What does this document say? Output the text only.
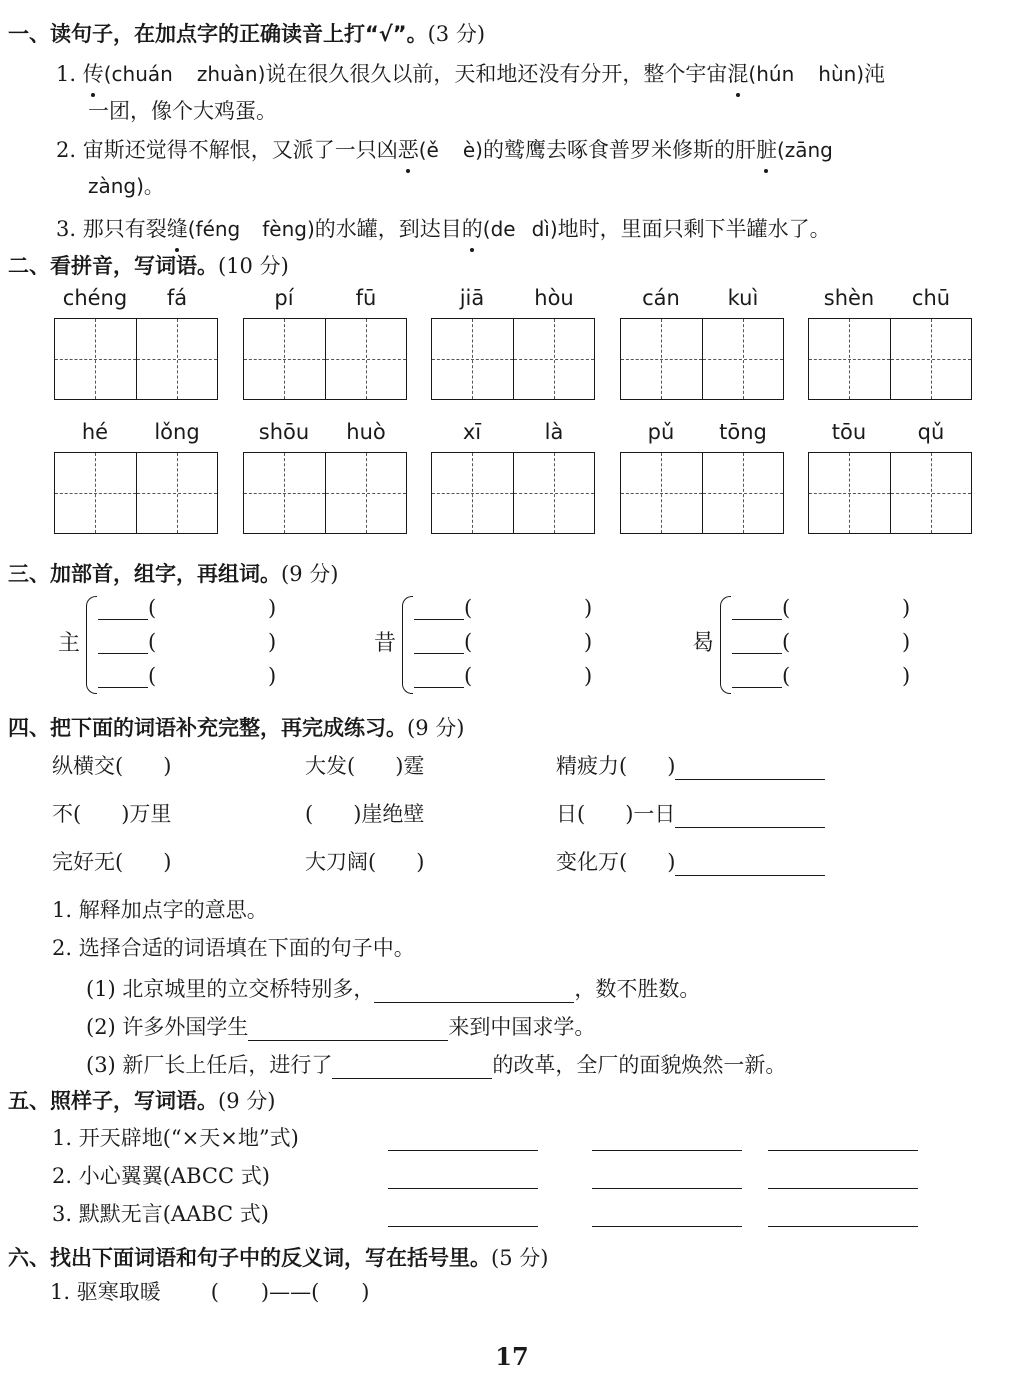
一、读句子，在加点字的正确读音上打“√”。(3 分)
1. 传(chuán zhuàn)说在很久很久以前，天和地还没有分开，整个宇宙混(hún hùn)沌
一团，像个大鸡蛋。
2. 宙斯还觉得不解恨，又派了一只凶恶(ě è)的鹫鹰去啄食普罗米修斯的肝脏(zāng
zàng)。
3. 那只有裂缝(féng fèng)的水罐，到达目的(de dì)地时，里面只剩下半罐水了。
二、看拼音，写词语。(10 分)
chéng	fá	pí	fū	jiā	hòu	cán	kuì	shèn	chū
hé	lǒng	shōu	huò	xī	là	pǔ	tōng	tōu	qǔ
三、加部首，组字，再组词。(9 分)
主
(	)
(	)
(	)
昔
(	)
(	)
(	)
曷
(	)
(	)
(	)
四、把下面的词语补充完整，再完成练习。(9 分)
纵横交( )	大发( )霆	精疲力( )
不( )万里	( )崖绝壁	日( )一日
完好无( )	大刀阔( )	变化万( )
1. 解释加点字的意思。
2. 选择合适的词语填在下面的句子中。
(1) 北京城里的立交桥特别多，	，数不胜数。
(2) 许多外国学生	来到中国求学。
(3) 新厂长上任后，进行了	的改革，全厂的面貌焕然一新。
五、照样子，写词语。(9 分)
1. 开天辟地(“×天×地”式)
2. 小心翼翼(ABCC 式)
3. 默默无言(AABC 式)
六、找出下面词语和句子中的反义词，写在括号里。(5 分)
1. 驱寒取暖 (　　)——(　　)
17
